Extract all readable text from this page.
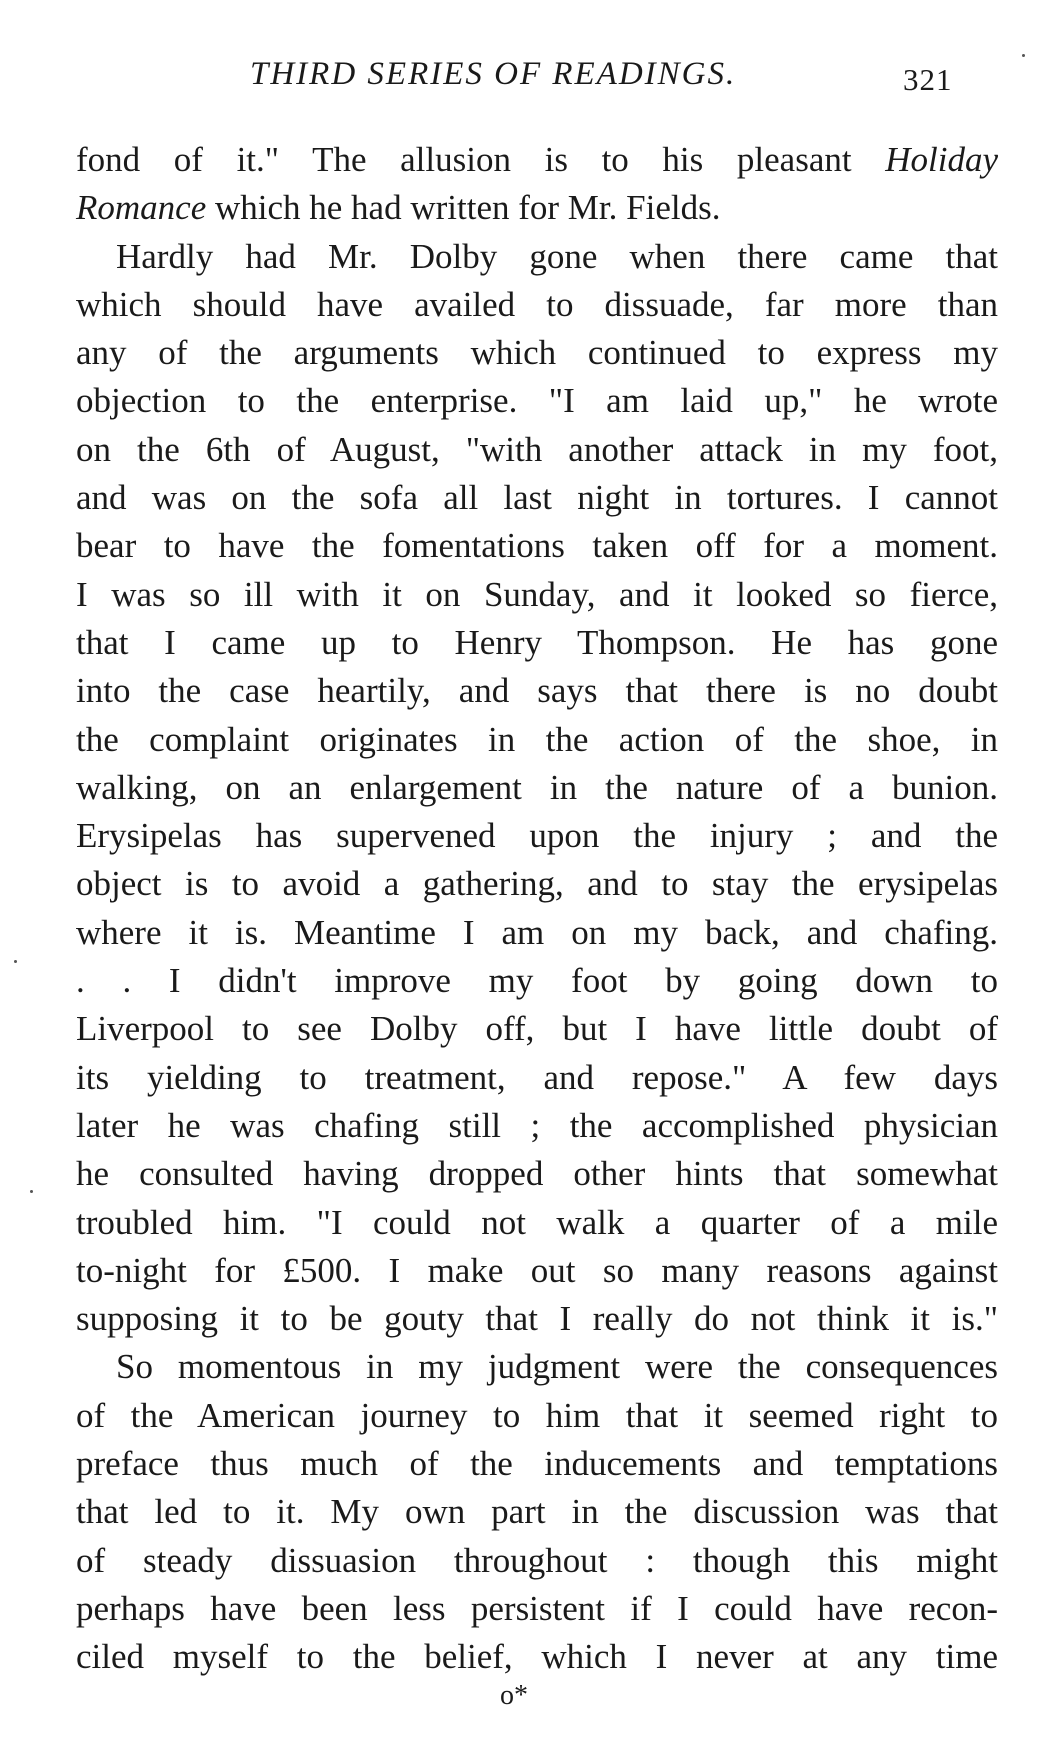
THIRD SERIES OF READINGS.	321
fond of it." The allusion is to his pleasant Holiday
Romance which he had written for Mr. Fields.
Hardly had Mr. Dolby gone when there came that
which should have availed to dissuade, far more than
any of the arguments which continued to express my
objection to the enterprise. "I am laid up," he wrote
on the 6th of August, "with another attack in my foot,
and was on the sofa all last night in tortures. I cannot
bear to have the fomentations taken off for a moment.
I was so ill with it on Sunday, and it looked so fierce,
that I came up to Henry Thompson. He has gone
into the case heartily, and says that there is no doubt
the complaint originates in the action of the shoe, in
walking, on an enlargement in the nature of a bunion.
Erysipelas has supervened upon the injury ; and the
object is to avoid a gathering, and to stay the erysipelas
where it is. Meantime I am on my back, and chafing.
. . I didn't improve my foot by going down to
Liverpool to see Dolby off, but I have little doubt of
its yielding to treatment, and repose." A few days
later he was chafing still ; the accomplished physician
he consulted having dropped other hints that somewhat
troubled him. "I could not walk a quarter of a mile
to-night for £500. I make out so many reasons against
supposing it to be gouty that I really do not think it is."
So momentous in my judgment were the consequences
of the American journey to him that it seemed right to
preface thus much of the inducements and temptations
that led to it. My own part in the discussion was that
of steady dissuasion throughout : though this might
perhaps have been less persistent if I could have recon-
ciled myself to the belief, which I never at any time
o*
